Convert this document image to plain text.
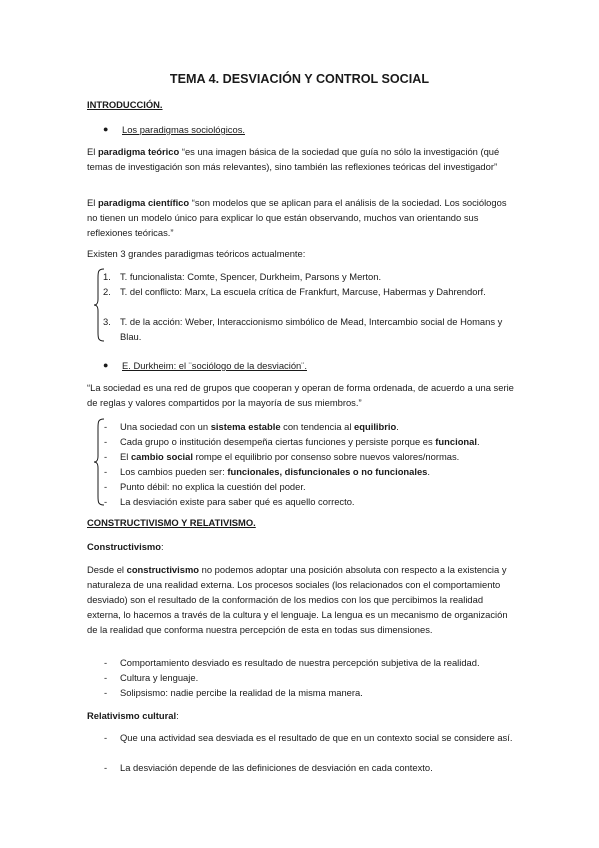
TEMA 4. DESVIACIÓN Y CONTROL SOCIAL
INTRODUCCIÓN.
● Los paradigmas sociológicos.

El paradigma teórico “es una imagen básica de la sociedad que guía no sólo la investigación (qué temas de investigación son más relevantes), sino también las reflexiones teóricas del investigador”

El paradigma científico “son modelos que se aplican para el análisis de la sociedad. Los sociólogos no tienen un modelo único para explicar lo que están observando, muchos van orientando sus reflexiones teóricas.”

Existen 3 grandes paradigmas teóricos actualmente:

1. T. funcionalista: Comte, Spencer, Durkheim, Parsons y Merton.
2. T. del conflicto: Marx, La escuela crítica de Frankfurt, Marcuse, Habermas y Dahrendorf.
3. T. de la acción: Weber, Interaccionismo simbólico de Mead, Intercambio social de Homans y Blau.
● E. Durkheim: el ¨sociólogo de la desviación¨.

“La sociedad es una red de grupos que cooperan y operan de forma ordenada, de acuerdo a una serie de reglas y valores compartidos por la mayoría de sus miembros.”

- Una sociedad con un sistema estable con tendencia al equilibrio.
- Cada grupo o institución desempeña ciertas funciones y persiste porque es funcional.
- El cambio social rompe el equilibrio por consenso sobre nuevos valores/normas.
- Los cambios pueden ser: funcionales, disfuncionales o no funcionales.
- Punto débil: no explica la cuestión del poder.
- La desviación existe para saber qué es aquello correcto.
CONSTRUCTIVISMO Y RELATIVISMO.
Constructivismo:

Desde el constructivismo no podemos adoptar una posición absoluta con respecto a la existencia y naturaleza de una realidad externa. Los procesos sociales (los relacionados con el comportamiento desviado) son el resultado de la conformación de los medios con los que percibimos la realidad externa, lo hacemos a través de la cultura y el lenguaje. La lengua es un mecanismo de organización de la realidad que conforma nuestra percepción de esta en todas sus dimensiones.

- Comportamiento desviado es resultado de nuestra percepción subjetiva de la realidad.
- Cultura y lenguaje.
- Solipsismo: nadie percibe la realidad de la misma manera.
Relativismo cultural:
- Que una actividad sea desviada es el resultado de que en un contexto social se considere así.
- La desviación depende de las definiciones de desviación en cada contexto.
